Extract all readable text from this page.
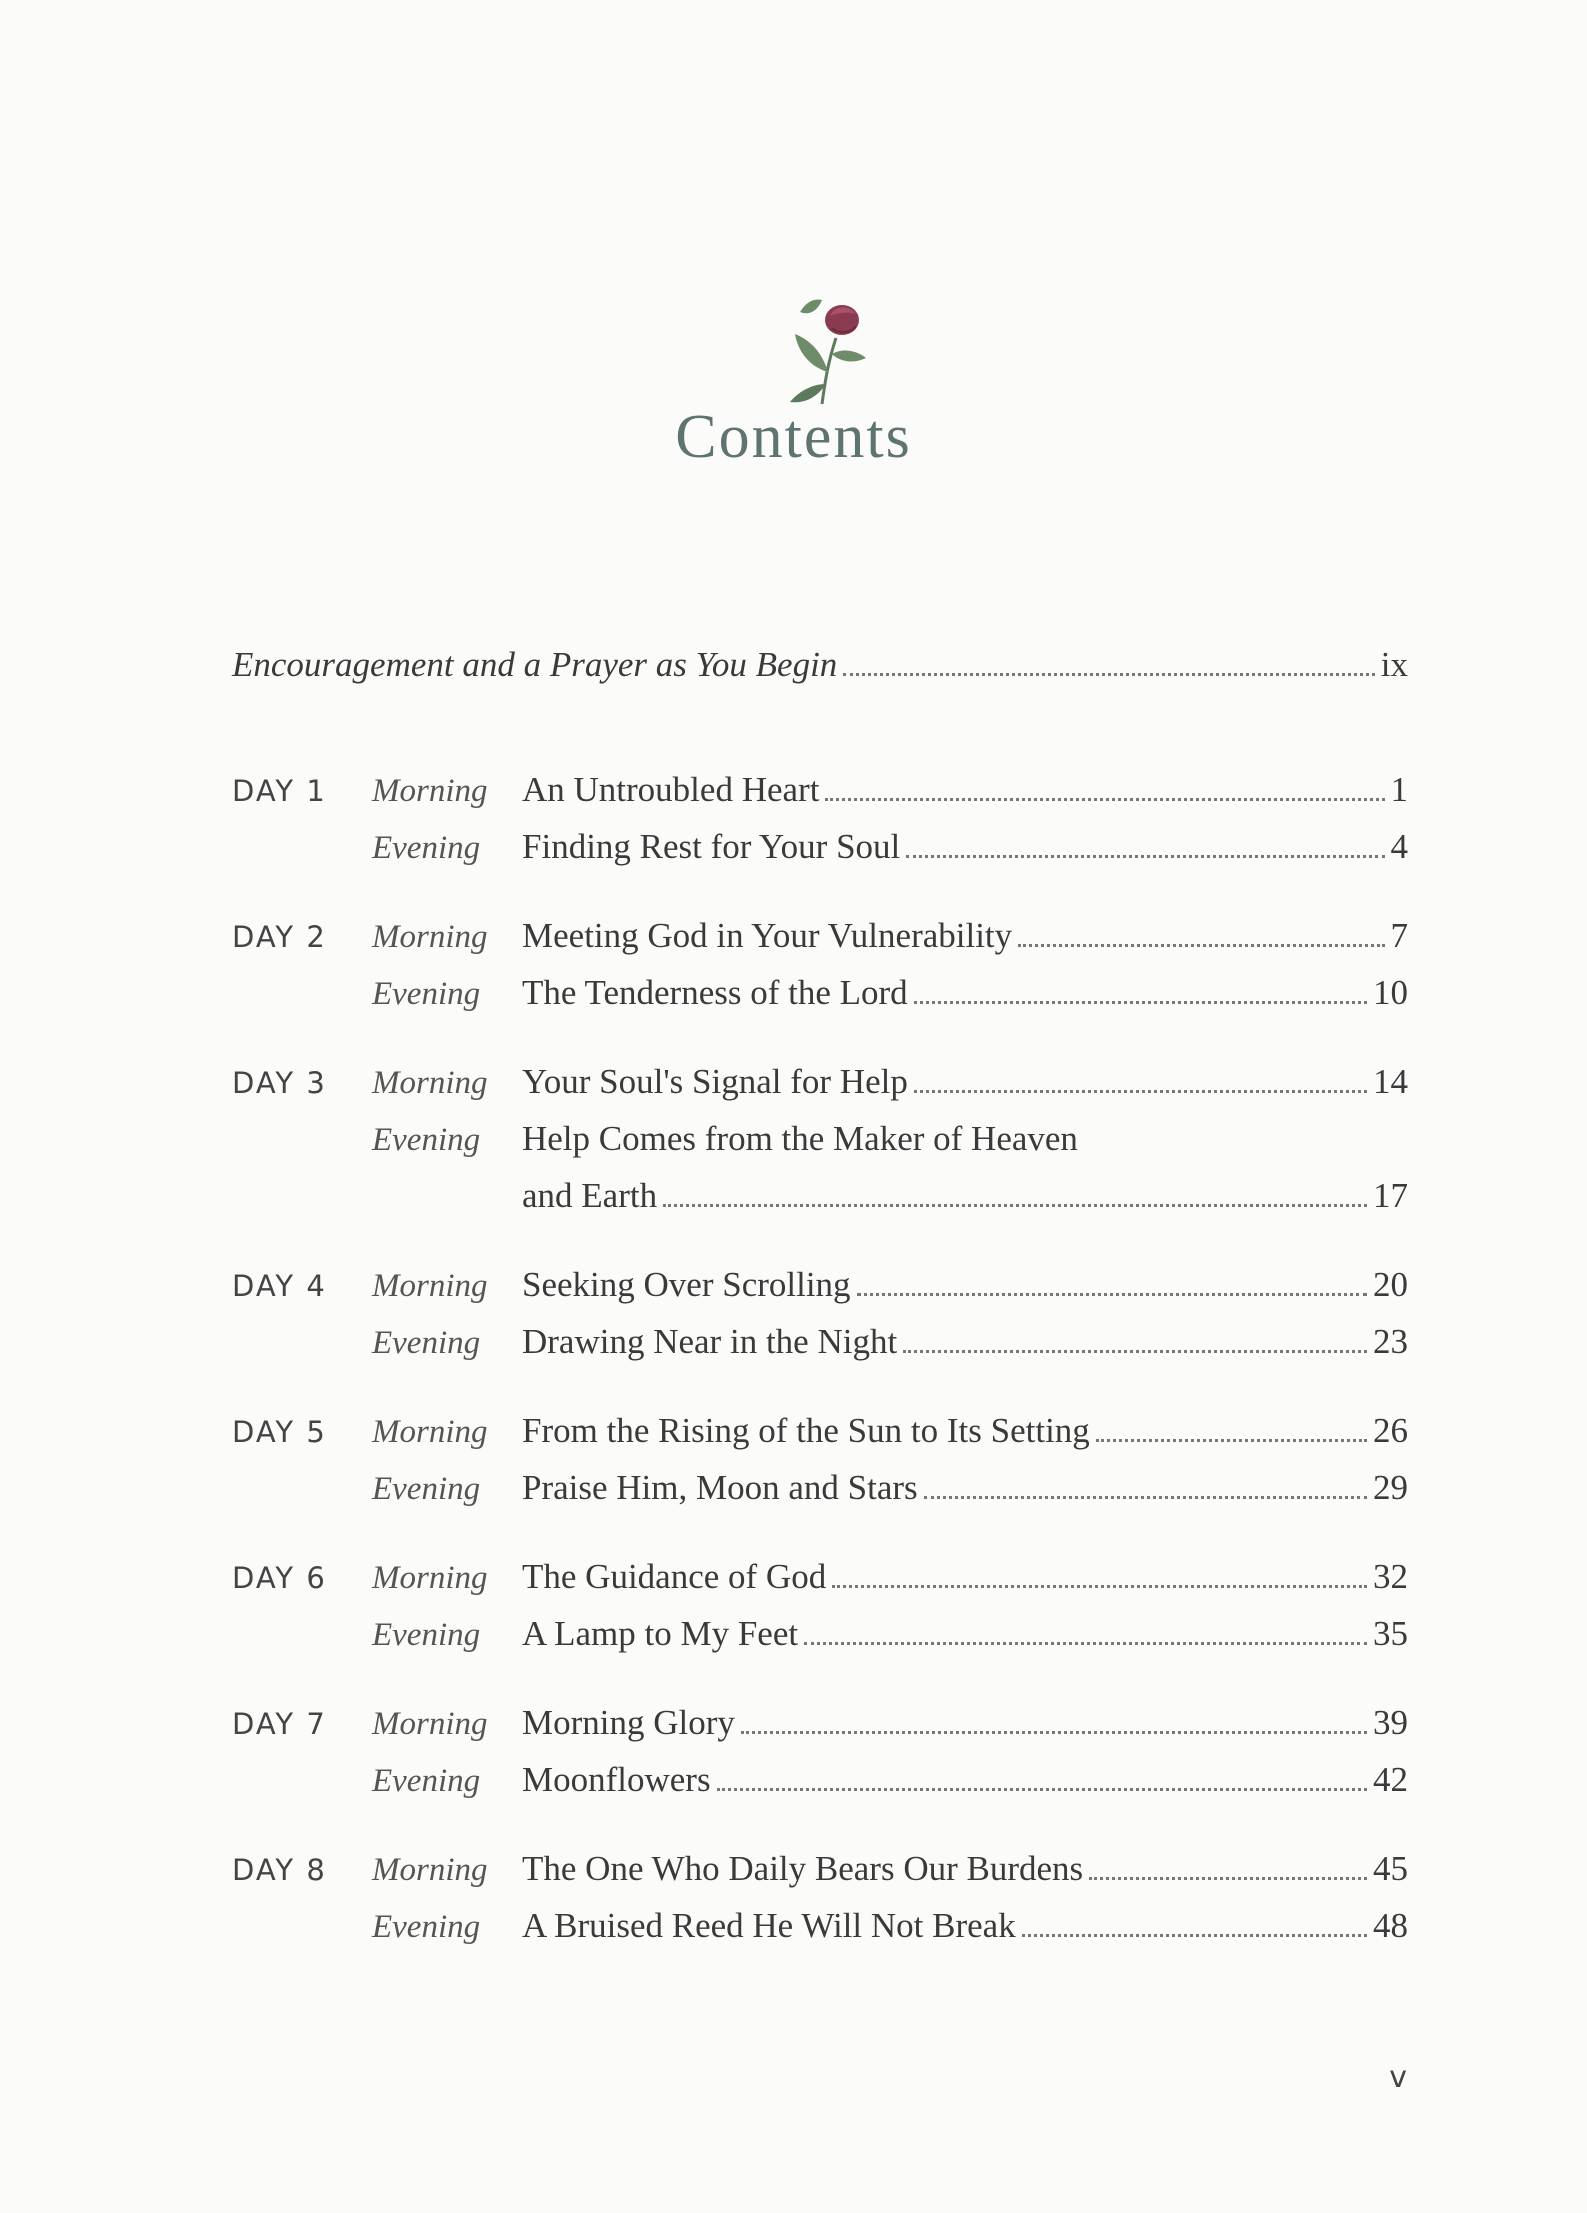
Contents
Encouragement and a Prayer as You Begin	ix
DAY 1	Morning An Untroubled Heart	1
Evening	Finding Rest for Your Soul	4
DAY 2	Morning Meeting God in Your Vulnerability	7
Evening	The Tenderness of the Lord	10
DAY 3	Morning Your Soul's Signal for Help	14
Evening	Help Comes from the Maker of Heaven
and Earth	17
DAY 4	Morning Seeking Over Scrolling	20
Evening	Drawing Near in the Night	23
DAY 5	Morning From the Rising of the Sun to Its Setting	26
Evening	Praise Him, Moon and Stars	29
DAY 6	Morning The Guidance of God	32
Evening	A Lamp to My Feet	35
DAY 7	Morning Morning Glory	39
Evening	Moonflowers	42
DAY 8	Morning The One Who Daily Bears Our Burdens	45
Evening	A Bruised Reed He Will Not Break	48
v
